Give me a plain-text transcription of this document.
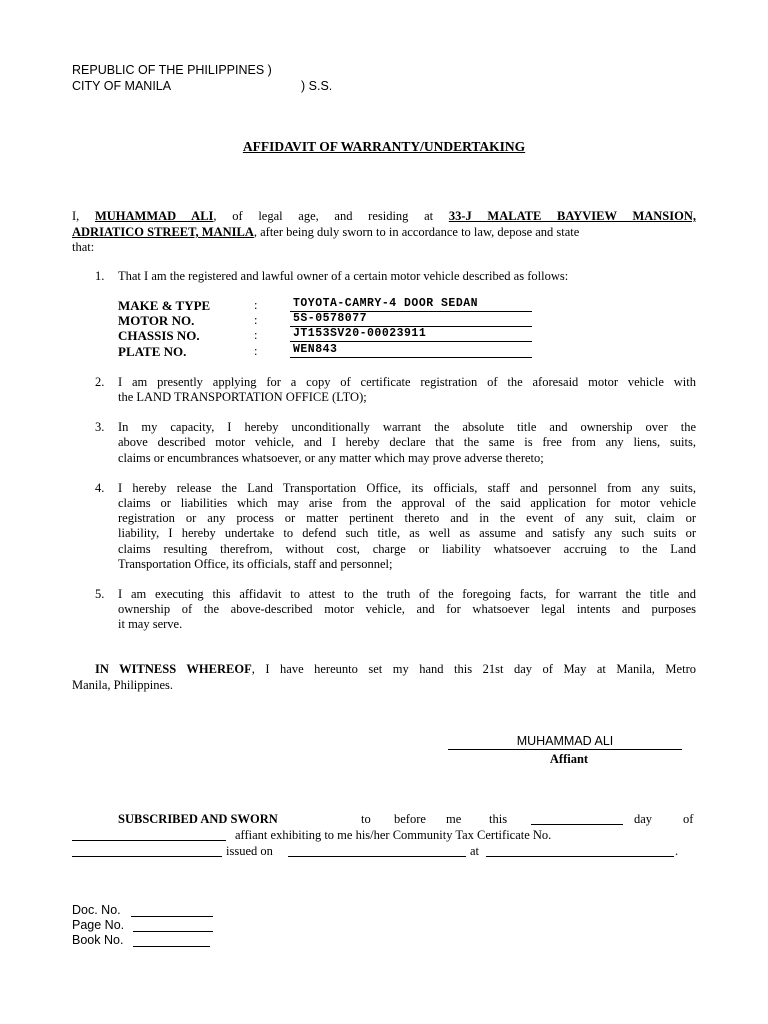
REPUBLIC OF THE PHILIPPINES )
CITY OF MANILA	) S.S.
AFFIDAVIT OF WARRANTY/UNDERTAKING
I, MUHAMMAD ALI, of legal age, and residing at 33-J MALATE BAYVIEW MANSION,
ADRIATICO STREET, MANILA, after being duly sworn to in accordance to law, depose and state
that:
1. That I am the registered and lawful owner of a certain motor vehicle described as follows:
MAKE & TYPE	:	TOYOTA-CAMRY-4 DOOR SEDAN
MOTOR NO.	:	5S-0578077
CHASSIS NO.	:	JT153SV20-00023911
PLATE NO.	:	WEN843
2. I am presently applying for a copy of certificate registration of the aforesaid motor vehicle with
the LAND TRANSPORTATION OFFICE (LTO);
3. In my capacity, I hereby unconditionally warrant the absolute title and ownership over the
above described motor vehicle, and I hereby declare that the same is free from any liens, suits,
claims or encumbrances whatsoever, or any matter which may prove adverse thereto;
4. I hereby release the Land Transportation Office, its officials, staff and personnel from any suits,
claims or liabilities which may arise from the approval of the said application for motor vehicle
registration or any process or matter pertinent thereto and in the event of any suit, claim or
liability, I hereby undertake to defend such title, as well as assume and satisfy any such suits or
claims resulting therefrom, without cost, charge or liability whatsoever accruing to the Land
Transportation Office, its officials, staff and personnel;
5. I am executing this affidavit to attest to the truth of the foregoing facts, for warrant the title and
ownership of the above-described motor vehicle, and for whatsoever legal intents and purposes
it may serve.
IN WITNESS WHEREOF, I have hereunto set my hand this 21st day of May at Manila, Metro
Manila, Philippines.
MUHAMMAD ALI
Affiant
SUBSCRIBED AND SWORN	to before me this	day of
affiant exhibiting to me his/her Community Tax Certificate No.
issued on	at	.
Doc. No.
Page No.
Book No.
